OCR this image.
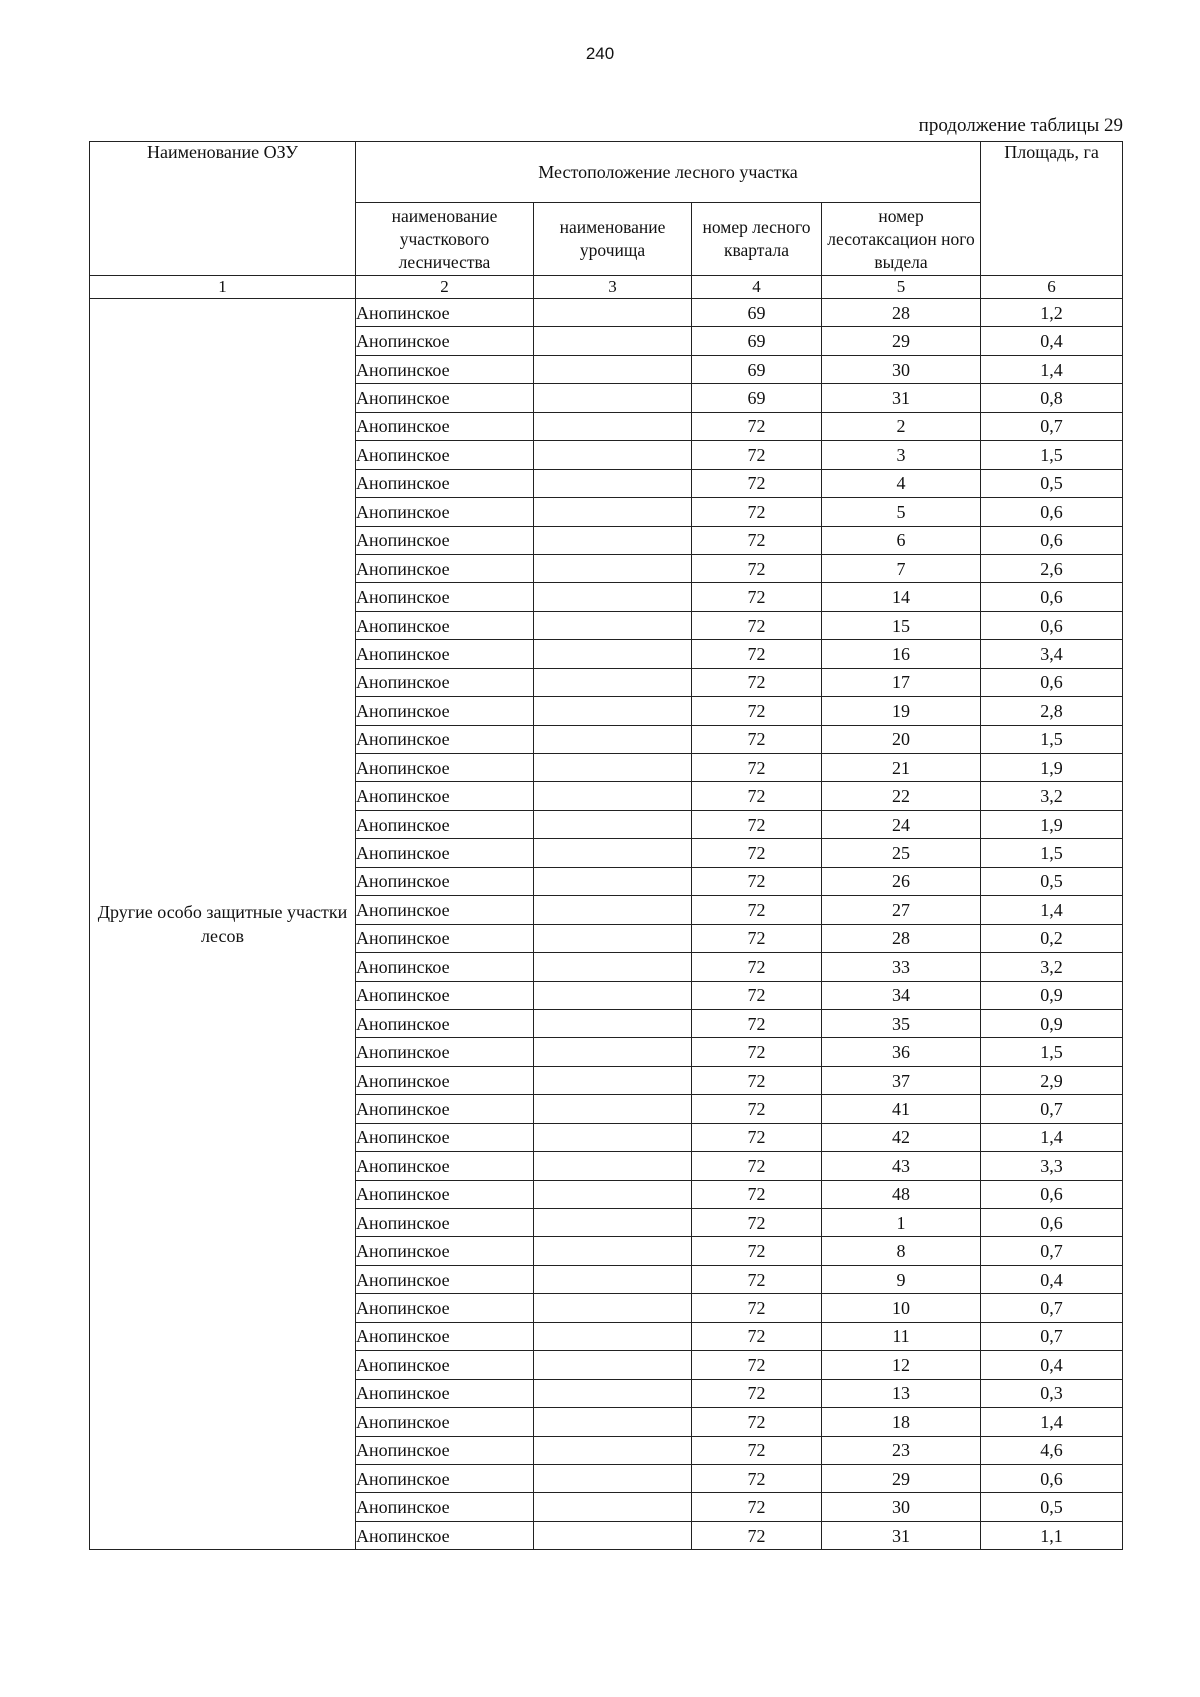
240
продолжение таблицы 29
Наименование ОЗУ	Местоположение лесного участка				Площадь, га
	наименование участкового лесничества	наименование урочища	номер лесного квартала	номер лесотаксацион ного выдела	
1	2	3	4	5	6
Другие особо защитные участки лесов	Анопинское		69	28	1,2
	Анопинское		69	29	0,4
	Анопинское		69	30	1,4
	Анопинское		69	31	0,8
	Анопинское		72	2	0,7
	Анопинское		72	3	1,5
	Анопинское		72	4	0,5
	Анопинское		72	5	0,6
	Анопинское		72	6	0,6
	Анопинское		72	7	2,6
	Анопинское		72	14	0,6
	Анопинское		72	15	0,6
	Анопинское		72	16	3,4
	Анопинское		72	17	0,6
	Анопинское		72	19	2,8
	Анопинское		72	20	1,5
	Анопинское		72	21	1,9
	Анопинское		72	22	3,2
	Анопинское		72	24	1,9
	Анопинское		72	25	1,5
	Анопинское		72	26	0,5
	Анопинское		72	27	1,4
	Анопинское		72	28	0,2
	Анопинское		72	33	3,2
	Анопинское		72	34	0,9
	Анопинское		72	35	0,9
	Анопинское		72	36	1,5
	Анопинское		72	37	2,9
	Анопинское		72	41	0,7
	Анопинское		72	42	1,4
	Анопинское		72	43	3,3
	Анопинское		72	48	0,6
	Анопинское		72	1	0,6
	Анопинское		72	8	0,7
	Анопинское		72	9	0,4
	Анопинское		72	10	0,7
	Анопинское		72	11	0,7
	Анопинское		72	12	0,4
	Анопинское		72	13	0,3
	Анопинское		72	18	1,4
	Анопинское		72	23	4,6
	Анопинское		72	29	0,6
	Анопинское		72	30	0,5
	Анопинское		72	31	1,1
